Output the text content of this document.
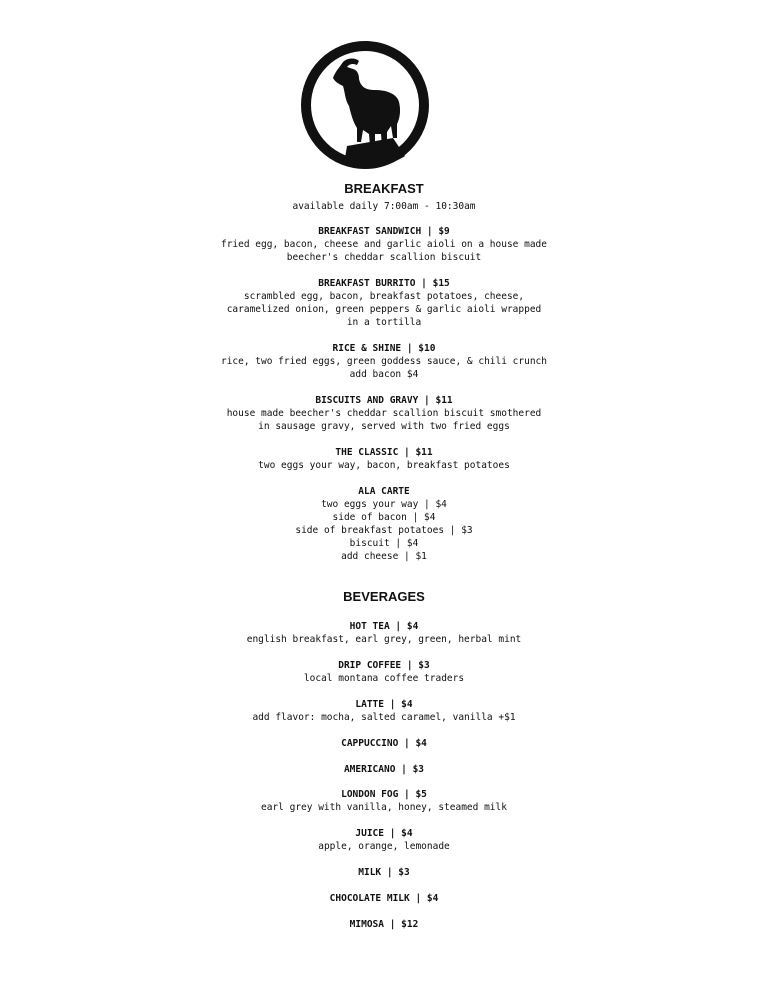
BREAKFAST
available daily 7:00am - 10:30am
BREAKFAST SANDWICH | $9
fried egg, bacon, cheese and garlic aioli on a house made
beecher's cheddar scallion biscuit
BREAKFAST BURRITO | $15
scrambled egg, bacon, breakfast potatoes, cheese,
caramelized onion, green peppers & garlic aioli wrapped
in a tortilla
RICE & SHINE | $10
rice, two fried eggs, green goddess sauce, & chili crunch
add bacon $4
BISCUITS AND GRAVY | $11
house made beecher's cheddar scallion biscuit smothered
in sausage gravy, served with two fried eggs
THE CLASSIC | $11
two eggs your way, bacon, breakfast potatoes
ALA CARTE
two eggs your way | $4
side of bacon | $4
side of breakfast potatoes | $3
biscuit | $4
add cheese | $1
BEVERAGES
HOT TEA | $4
english breakfast, earl grey, green, herbal mint
DRIP COFFEE | $3
local montana coffee traders
LATTE | $4
add flavor: mocha, salted caramel, vanilla +$1
CAPPUCCINO | $4
AMERICANO | $3
LONDON FOG | $5
earl grey with vanilla, honey, steamed milk
JUICE | $4
apple, orange, lemonade
MILK | $3
CHOCOLATE MILK | $4
MIMOSA | $12
